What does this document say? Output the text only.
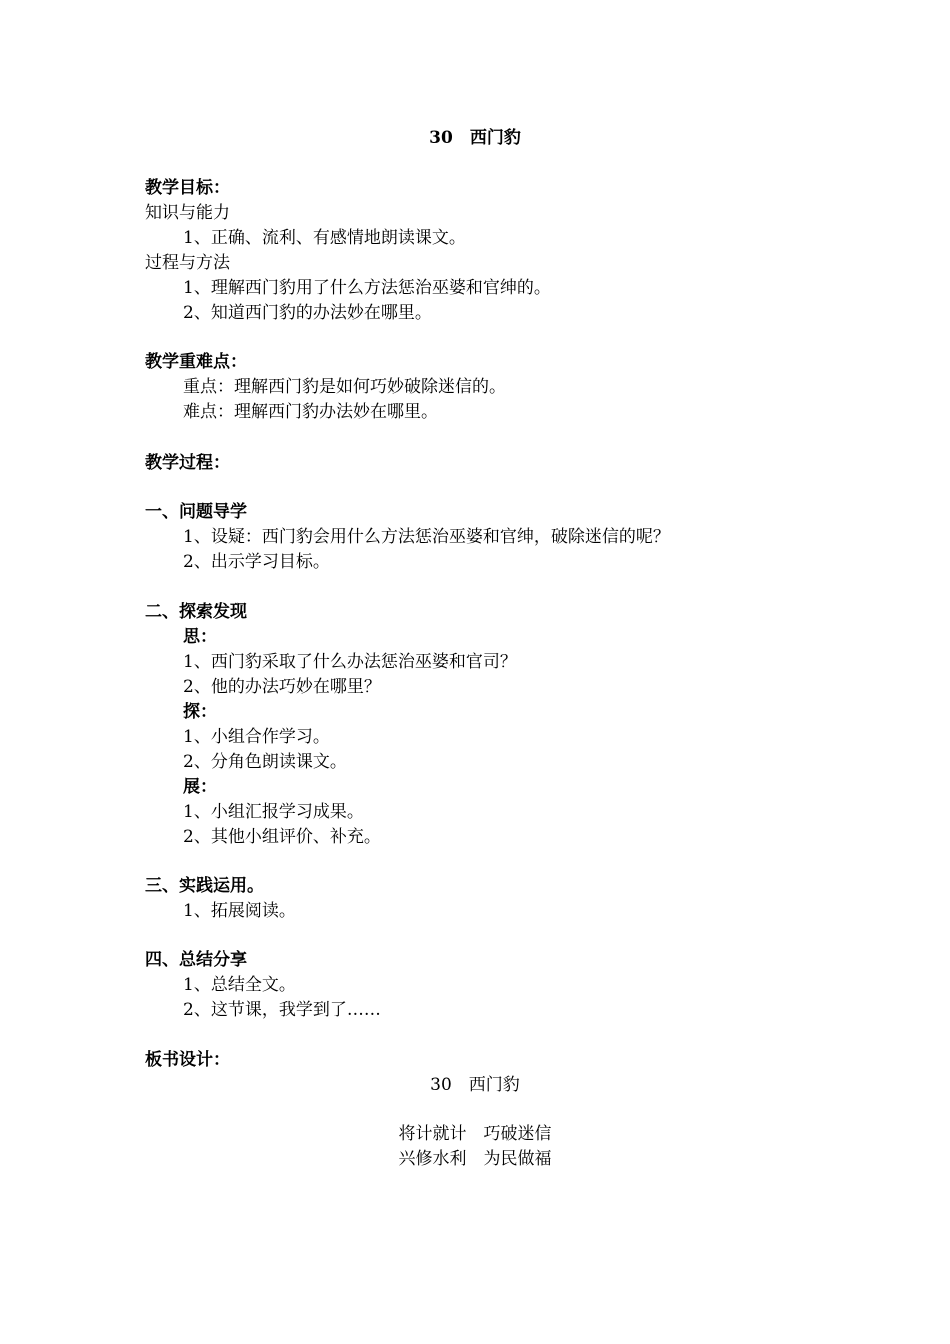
30　西门豹
教学目标：
知识与能力
1、正确、流利、有感情地朗读课文。
过程与方法
1、理解西门豹用了什么方法惩治巫婆和官绅的。
2、知道西门豹的办法妙在哪里。
教学重难点：
重点：理解西门豹是如何巧妙破除迷信的。
难点：理解西门豹办法妙在哪里。
教学过程：
一、问题导学
1、设疑：西门豹会用什么方法惩治巫婆和官绅，破除迷信的呢？
2、出示学习目标。
二、探索发现
思：
1、西门豹采取了什么办法惩治巫婆和官司？
2、他的办法巧妙在哪里？
探：
1、小组合作学习。
2、分角色朗读课文。
展：
1、小组汇报学习成果。
2、其他小组评价、补充。
三、实践运用。
1、拓展阅读。
四、总结分享
1、总结全文。
2、这节课，我学到了……
板书设计：
30　西门豹
将计就计　巧破迷信
兴修水利　为民做福
